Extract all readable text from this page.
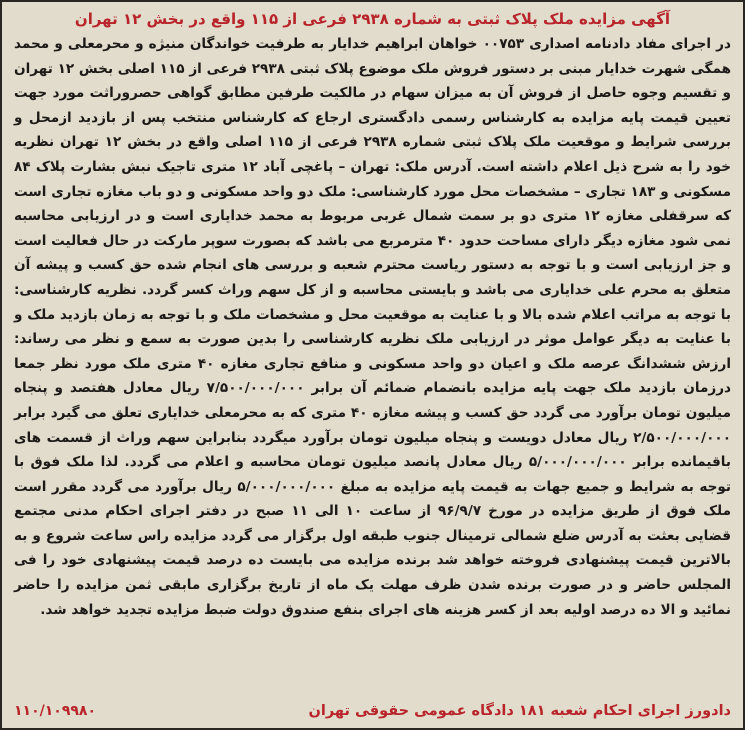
آگهی مزایده ملک پلاک ثبتی به شماره ۲۹۳۸ فرعی از ۱۱۵ واقع در بخش ۱۲ تهران

در اجرای مفاد دادنامه اصداری ۰۰۷۵۳ خواهان ابراهیم خدایار به طرفیت خواندگان منیژه و محرمعلی و محمد همگی شهرت خدایار مبنی بر دستور فروش ملک موضوع پلاک ثبتی ۲۹۳۸ فرعی از ۱۱۵ اصلی بخش ۱۲ تهران و تقسیم وجوه حاصل از فروش آن به میزان سهام در مالکیت طرفین مطابق گواهی حصروراثت مورد جهت تعیین قیمت پایه مزایده به کارشناس رسمی دادگستری ارجاع که کارشناس منتخب پس از بازدید ازمحل و بررسی شرایط و موقعیت ملک پلاک ثبتی شماره ۲۹۳۸ فرعی از ۱۱۵ اصلی واقع در بخش ۱۲ تهران نظریه خود را به شرح ذیل اعلام داشته است. آدرس ملک: تهران – پاغچی آباد ۱۲ متری تاجیک نبش بشارت پلاک ۸۴ مسکونی و ۱۸۳ تجاری – مشخصات محل مورد کارشناسی: ملک دو واحد مسکونی و دو باب مغازه تجاری است که سرقفلی مغازه ۱۲ متری دو بر سمت شمال غربی مربوط به محمد خدایاری است و در ارزیابی محاسبه نمی شود مغازه دیگر دارای مساحت حدود ۴۰ مترمربع می باشد که بصورت سوپر مارکت در حال فعالیت است و جز ارزیابی است و با توجه به دستور ریاست محترم شعبه و بررسی های انجام شده حق کسب و پیشه آن متعلق به محرم علی خدایاری می باشد و بایستی محاسبه و از کل سهم وراث کسر گردد. نظریه کارشناسی: با توجه به مراتب اعلام شده بالا و با عنایت به موقعیت محل و مشخصات ملک و با توجه به زمان بازدید ملک و با عنایت به دیگر عوامل موثر در ارزیابی ملک نظریه کارشناسی را بدین صورت به سمع و نظر می رساند: ارزش ششدانگ عرصه ملک و اعیان دو واحد مسکونی و منافع تجاری مغازه ۴۰ متری ملک مورد نظر جمعا درزمان بازدید ملک جهت پایه مزایده بانضمام ضمائم آن برابر ۷/۵۰۰/۰۰۰/۰۰۰ ریال معادل هفتصد و پنجاه میلیون تومان برآورد می گردد حق کسب و پیشه مغازه ۴۰ متری که به محرمعلی خدایاری تعلق می گیرد برابر ۲/۵۰۰/۰۰۰/۰۰۰ ریال معادل دویست و پنجاه میلیون تومان برآورد میگردد بنابراین سهم وراث از قسمت های باقیمانده برابر ۵/۰۰۰/۰۰۰/۰۰۰ ریال معادل پانصد میلیون تومان محاسبه و اعلام می گردد. لذا ملک فوق با توجه به شرایط و جمیع جهات به قیمت پایه مزایده به مبلغ ۵/۰۰۰/۰۰۰/۰۰۰ ریال برآورد می گردد مقرر است ملک فوق از طریق مزایده در مورخ ۹۶/۹/۷ از ساعت ۱۰ الی ۱۱ صبح در دفتر اجرای احکام مدنی مجتمع قضایی بعثت به آدرس ضلع شمالی ترمینال جنوب طبقه اول برگزار می گردد مزایده راس ساعت شروع و به بالاترین قیمت پیشنهادی فروخته خواهد شد برنده مزایده می بایست ده درصد قیمت پیشنهادی خود را فی المجلس حاضر و در صورت برنده شدن ظرف مهلت یک ماه از تاریخ برگزاری مابقی ثمن مزایده را حاضر نمائید و الا ده درصد اولیه بعد از کسر هزینه های اجرای بنفع صندوق دولت ضبط مزایده تجدید خواهد شد.

دادورز اجرای احکام شعبه ۱۸۱ دادگاه عمومی حقوقی تهران
۱۱۰/۱۰۹۹۸۰
